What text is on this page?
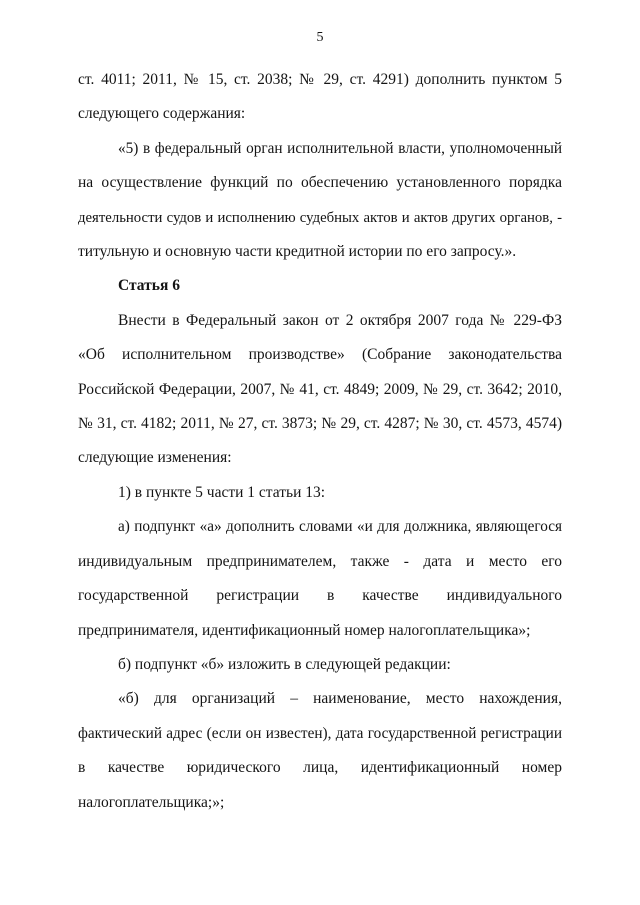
5
ст. 4011; 2011, № 15, ст. 2038; № 29, ст. 4291) дополнить пунктом 5
следующего содержания:
«5) в федеральный орган исполнительной власти, уполномоченный
на осуществление функций по обеспечению установленного порядка
деятельности судов и исполнению судебных актов и актов других органов, -
титульную и основную части кредитной истории по его запросу.».
Статья 6
Внести в Федеральный закон от 2 октября 2007 года № 229-ФЗ
«Об исполнительном производстве» (Собрание законодательства
Российской Федерации, 2007, № 41, ст. 4849; 2009, № 29, ст. 3642; 2010,
№ 31, ст. 4182; 2011, № 27, ст. 3873; № 29, ст. 4287; № 30, ст. 4573, 4574)
следующие изменения:
1) в пункте 5 части 1 статьи 13:
а) подпункт «а» дополнить словами «и для должника, являющегося
индивидуальным предпринимателем, также - дата и место его
государственной регистрации в качестве индивидуального
предпринимателя, идентификационный номер налогоплательщика»;
б) подпункт «б» изложить в следующей редакции:
«б) для организаций – наименование, место нахождения,
фактический адрес (если он известен), дата государственной регистрации
в качестве юридического лица, идентификационный номер
налогоплательщика;»;
